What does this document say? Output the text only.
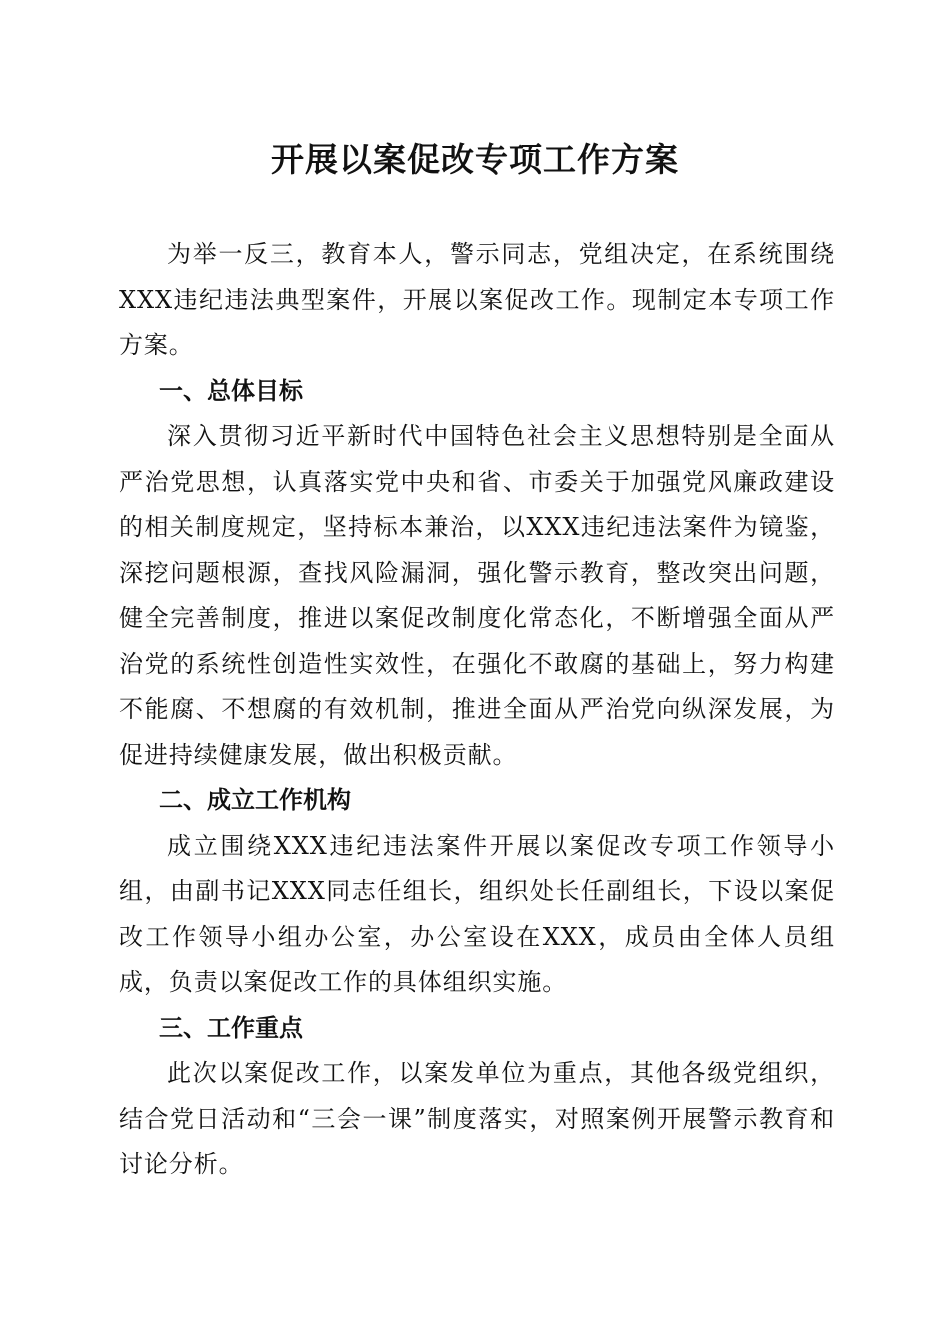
开展以案促改专项工作方案

为举一反三，教育本人，警示同志，党组决定，在系统围绕XXX违纪违法典型案件，开展以案促改工作。现制定本专项工作方案。

一、总体目标

深入贯彻习近平新时代中国特色社会主义思想特别是全面从严治党思想，认真落实党中央和省、市委关于加强党风廉政建设的相关制度规定，坚持标本兼治，以XXX违纪违法案件为镜鉴，深挖问题根源，查找风险漏洞，强化警示教育，整改突出问题，健全完善制度，推进以案促改制度化常态化，不断增强全面从严治党的系统性创造性实效性，在强化不敢腐的基础上，努力构建不能腐、不想腐的有效机制，推进全面从严治党向纵深发展，为促进持续健康发展，做出积极贡献。

二、成立工作机构

成立围绕XXX违纪违法案件开展以案促改专项工作领导小组，由副书记XXX同志任组长，组织处长任副组长，下设以案促改工作领导小组办公室，办公室设在XXX，成员由全体人员组成，负责以案促改工作的具体组织实施。

三、工作重点

此次以案促改工作，以案发单位为重点，其他各级党组织，结合党日活动和“三会一课”制度落实，对照案例开展警示教育和讨论分析。
